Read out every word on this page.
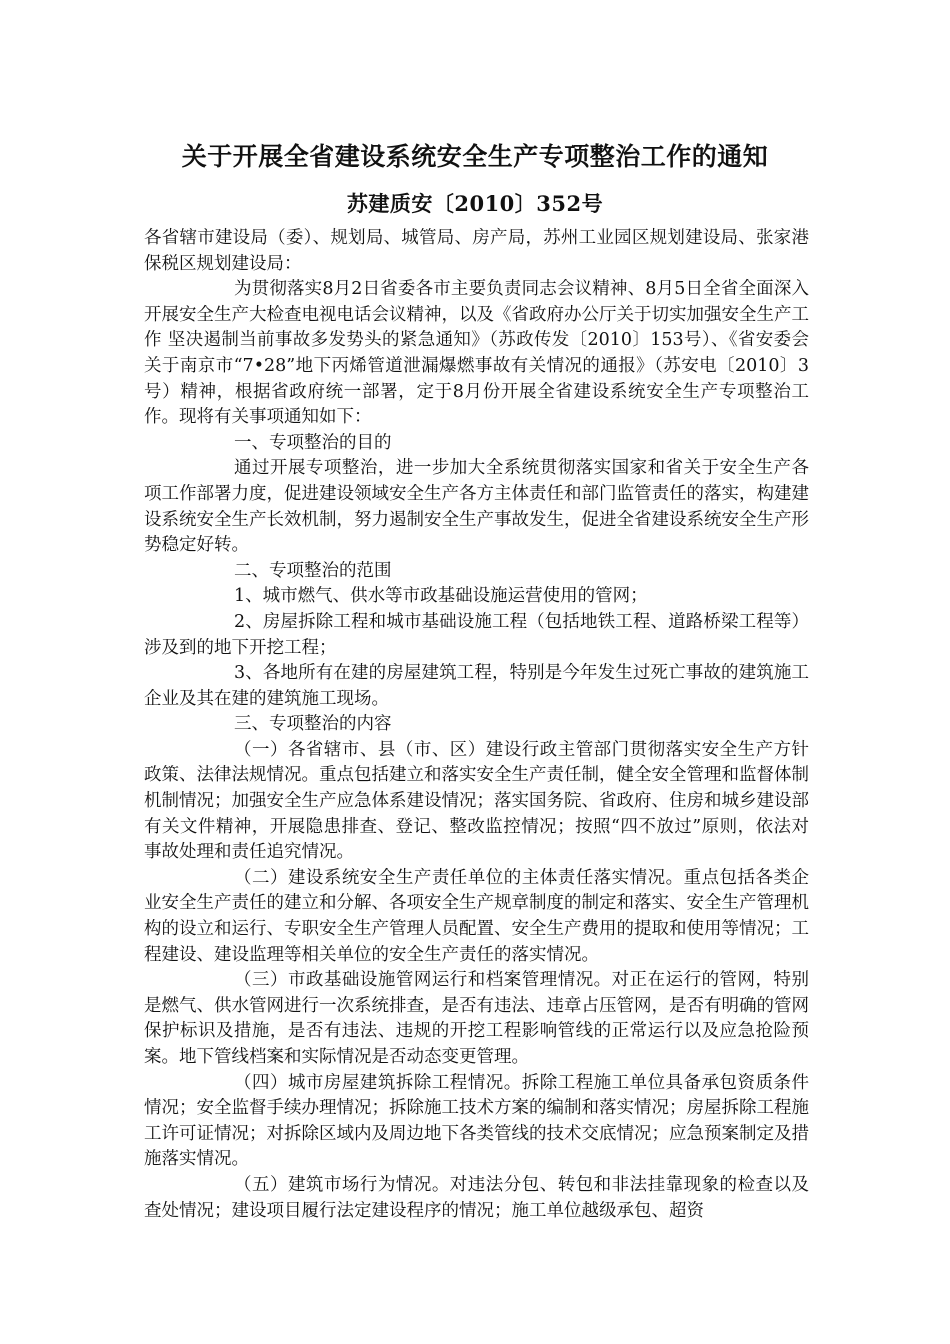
关于开展全省建设系统安全生产专项整治工作的通知
苏建质安〔2010〕352号

各省辖市建设局（委）、规划局、城管局、房产局，苏州工业园区规划建设局、张家港保税区规划建设局：

为贯彻落实8月2日省委各市主要负责同志会议精神、8月5日全省全面深入开展安全生产大检查电视电话会议精神，以及《省政府办公厅关于切实加强安全生产工作 坚决遏制当前事故多发势头的紧急通知》（苏政传发〔2010〕153号）、《省安委会关于南京市“7•28”地下丙烯管道泄漏爆燃事故有关情况的通报》（苏安电〔2010〕3号）精神，根据省政府统一部署，定于8月份开展全省建设系统安全生产专项整治工作。现将有关事项通知如下：

一、专项整治的目的

通过开展专项整治，进一步加大全系统贯彻落实国家和省关于安全生产各项工作部署力度，促进建设领域安全生产各方主体责任和部门监管责任的落实，构建建设系统安全生产长效机制，努力遏制安全生产事故发生，促进全省建设系统安全生产形势稳定好转。

二、专项整治的范围

1、城市燃气、供水等市政基础设施运营使用的管网；

2、房屋拆除工程和城市基础设施工程（包括地铁工程、道路桥梁工程等）涉及到的地下开挖工程；

3、各地所有在建的房屋建筑工程，特别是今年发生过死亡事故的建筑施工企业及其在建的建筑施工现场。

三、专项整治的内容

（一）各省辖市、县（市、区）建设行政主管部门贯彻落实安全生产方针政策、法律法规情况。重点包括建立和落实安全生产责任制，健全安全管理和监督体制机制情况；加强安全生产应急体系建设情况；落实国务院、省政府、住房和城乡建设部有关文件精神，开展隐患排查、登记、整改监控情况；按照“四不放过”原则，依法对事故处理和责任追究情况。

（二）建设系统安全生产责任单位的主体责任落实情况。重点包括各类企业安全生产责任的建立和分解、各项安全生产规章制度的制定和落实、安全生产管理机构的设立和运行、专职安全生产管理人员配置、安全生产费用的提取和使用等情况；工程建设、建设监理等相关单位的安全生产责任的落实情况。

（三）市政基础设施管网运行和档案管理情况。对正在运行的管网，特别是燃气、供水管网进行一次系统排查，是否有违法、违章占压管网，是否有明确的管网保护标识及措施，是否有违法、违规的开挖工程影响管线的正常运行以及应急抢险预案。地下管线档案和实际情况是否动态变更管理。

（四）城市房屋建筑拆除工程情况。拆除工程施工单位具备承包资质条件情况；安全监督手续办理情况；拆除施工技术方案的编制和落实情况；房屋拆除工程施工许可证情况；对拆除区域内及周边地下各类管线的技术交底情况；应急预案制定及措施落实情况。

（五）建筑市场行为情况。对违法分包、转包和非法挂靠现象的检查以及查处情况；建设项目履行法定建设程序的情况；施工单位越级承包、超资
